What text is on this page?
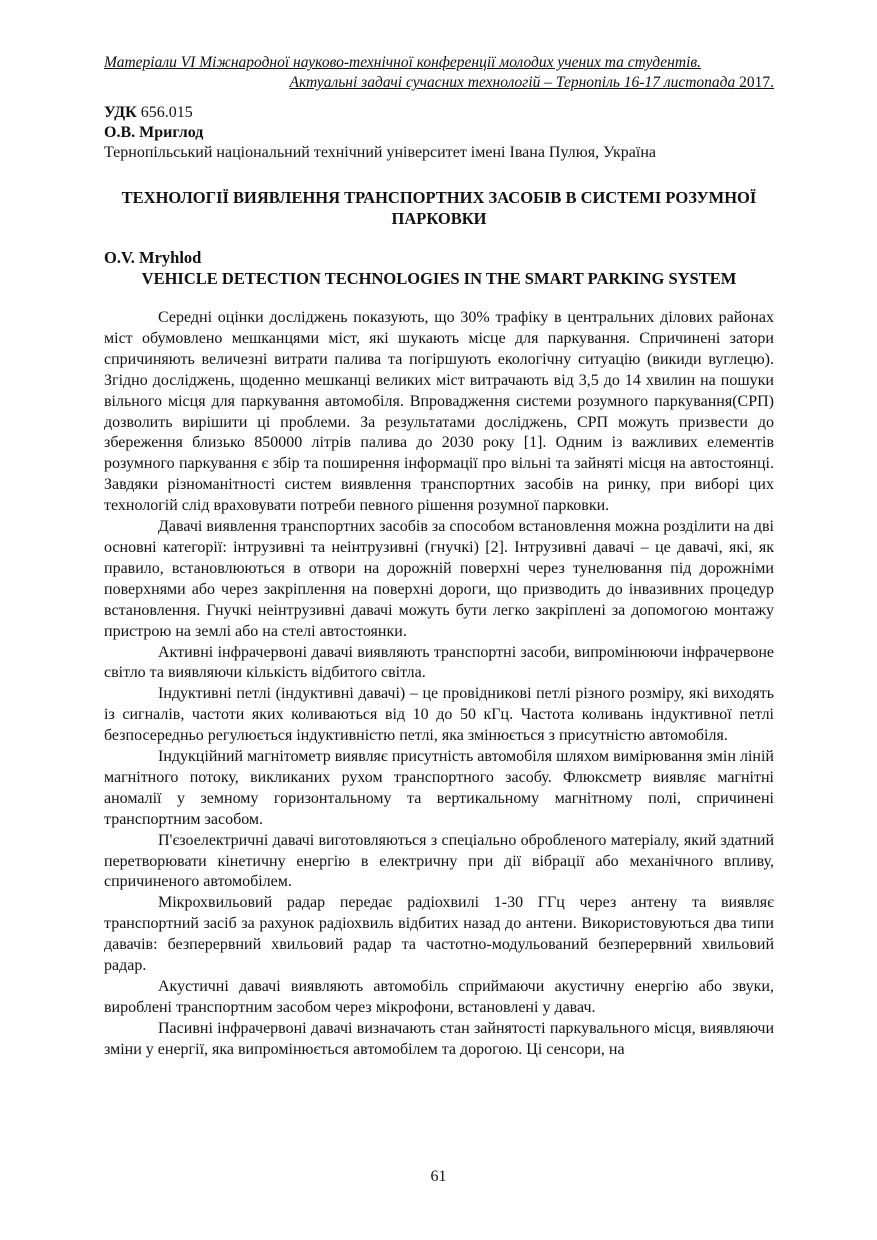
Матеріали VI Міжнародної науково-технічної конференції молодих учених та студентів.
Актуальні задачі сучасних технологій – Тернопіль 16-17 листопада 2017.
УДК 656.015
О.В. Мриглод
Тернопільський національний технічний університет імені Івана Пулюя, Україна
ТЕХНОЛОГІЇ ВИЯВЛЕННЯ ТРАНСПОРТНИХ ЗАСОБІВ В СИСТЕМІ РОЗУМНОЇ ПАРКОВКИ
O.V. Mryhlod
VEHICLE DETECTION TECHNOLOGIES IN THE SMART PARKING SYSTEM

Середні оцінки досліджень показують, що 30% трафіку в центральних ділових районах міст обумовлено мешканцями міст, які шукають місце для паркування. Спричинені затори спричиняють величезні витрати палива та погіршують екологічну ситуацію (викиди вуглецю). Згідно досліджень, щоденно мешканці великих міст витрачають від 3,5 до 14 хвилин на пошуки вільного місця для паркування автомобіля. Впровадження системи розумного паркування(СРП) дозволить вирішити ці проблеми. За результатами досліджень, СРП можуть призвести до збереження близько 850000 літрів палива до 2030 року [1]. Одним із важливих елементів розумного паркування є збір та поширення інформації про вільні та зайняті місця на автостоянці. Завдяки різноманітності систем виявлення транспортних засобів на ринку, при виборі цих технологій слід враховувати потреби певного рішення розумної парковки.

Давачі виявлення транспортних засобів за способом встановлення можна розділити на дві основні категорії: інтрузивні та неінтрузивні (гнучкі) [2]. Інтрузивні давачі – це давачі, які, як правило, встановлюються в отвори на дорожній поверхні через тунелювання під дорожніми поверхнями або через закріплення на поверхні дороги, що призводить до інвазивних процедур встановлення. Гнучкі неінтрузивні давачі можуть бути легко закріплені за допомогою монтажу пристрою на землі або на стелі автостоянки.

Активні інфрачервоні давачі виявляють транспортні засоби, випромінюючи інфрачервоне світло та виявляючи кількість відбитого світла.

Індуктивні петлі (індуктивні давачі) – це провідникові петлі різного розміру, які виходять із сигналів, частоти яких коливаються від 10 до 50 кГц. Частота коливань індуктивної петлі безпосередньо регулюється індуктивністю петлі, яка змінюється з присутністю автомобіля.

Індукційний магнітометр виявляє присутність автомобіля шляхом вимірювання змін ліній магнітного потоку, викликаних рухом транспортного засобу. Флюксметр виявляє магнітні аномалії у земному горизонтальному та вертикальному магнітному полі, спричинені транспортним засобом.

П'єзоелектричні давачі виготовляються з спеціально обробленого матеріалу, який здатний перетворювати кінетичну енергію в електричну при дії вібрації або механічного впливу, спричиненого автомобілем.

Мікрохвильовий радар передає радіохвилі 1-30 ГГц через антену та виявляє транспортний засіб за рахунок радіохвиль відбитих назад до антени. Використовуються два типи давачів: безперервний хвильовий радар та частотно-модульований безперервний хвильовий радар.

Акустичні давачі виявляють автомобіль сприймаючи акустичну енергію або звуки, вироблені транспортним засобом через мікрофони, встановлені у давач.

Пасивні інфрачервоні давачі визначають стан зайнятості паркувального місця, виявляючи зміни у енергії, яка випромінюється автомобілем та дорогою. Ці сенсори, на

61
